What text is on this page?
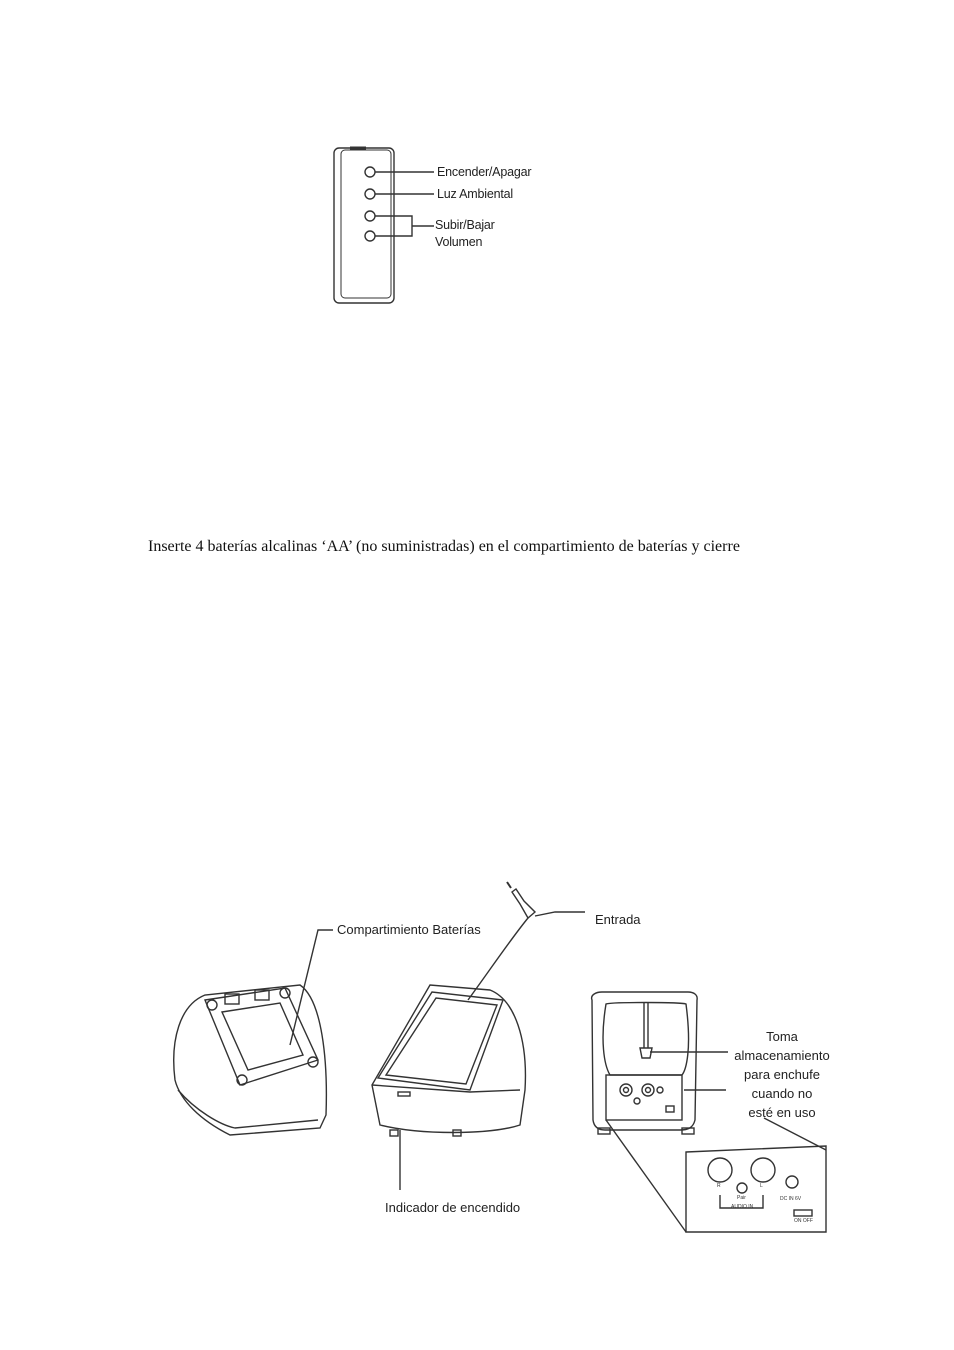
Encender/Apagar
Luz Ambiental
Subir/Bajar
Volumen
Inserte 4 baterías alcalinas ‘AA’ (no suministradas) en el compartimiento de baterías y cierre
Compartimiento Baterías
Entrada
Indicador de encendido
Toma
almacenamiento
para enchufe
cuando no
esté en uso
R	L
Pair
AUDIO IN
DC IN 6V
ON OFF
